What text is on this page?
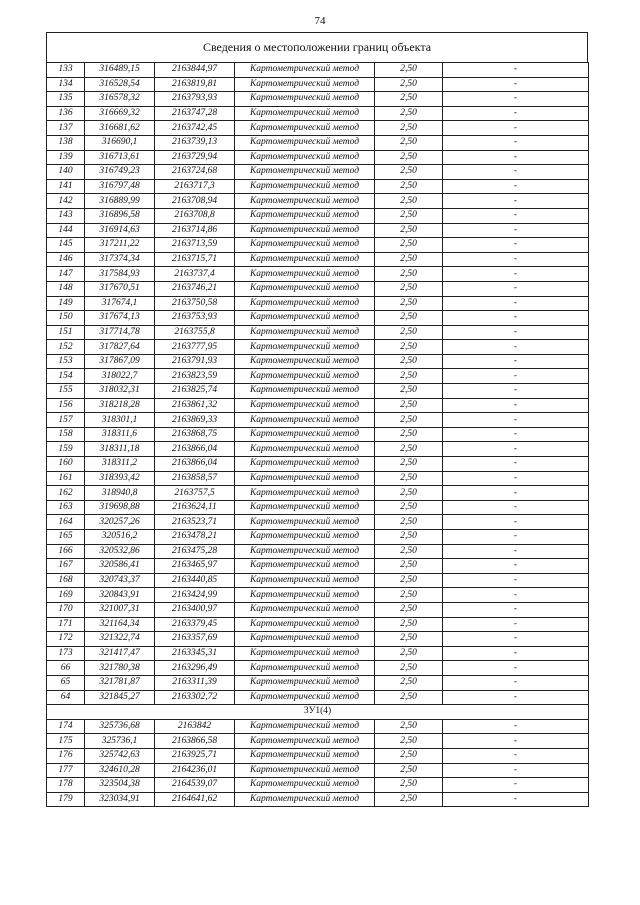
74
Сведения о местоположении границ объекта
133	316489,15	2163844,97	Картометрический метод	2,50	-
134	316528,54	2163819,81	Картометрический метод	2,50	-
135	316578,32	2163793,93	Картометрический метод	2,50	-
136	316669,32	2163747,28	Картометрический метод	2,50	-
137	316681,62	2163742,45	Картометрический метод	2,50	-
138	316690,1	2163739,13	Картометрический метод	2,50	-
139	316713,61	2163729,94	Картометрический метод	2,50	-
140	316749,23	2163724,68	Картометрический метод	2,50	-
141	316797,48	2163717,3	Картометрический метод	2,50	-
142	316889,99	2163708,94	Картометрический метод	2,50	-
143	316896,58	2163708,8	Картометрический метод	2,50	-
144	316914,63	2163714,86	Картометрический метод	2,50	-
145	317211,22	2163713,59	Картометрический метод	2,50	-
146	317374,34	2163715,71	Картометрический метод	2,50	-
147	317584,93	2163737,4	Картометрический метод	2,50	-
148	317670,51	2163746,21	Картометрический метод	2,50	-
149	317674,1	2163750,58	Картометрический метод	2,50	-
150	317674,13	2163753,93	Картометрический метод	2,50	-
151	317714,78	2163755,8	Картометрический метод	2,50	-
152	317827,64	2163777,95	Картометрический метод	2,50	-
153	317867,09	2163791,93	Картометрический метод	2,50	-
154	318022,7	2163823,59	Картометрический метод	2,50	-
155	318032,31	2163825,74	Картометрический метод	2,50	-
156	318218,28	2163861,32	Картометрический метод	2,50	-
157	318301,1	2163869,33	Картометрический метод	2,50	-
158	318311,6	2163868,75	Картометрический метод	2,50	-
159	318311,18	2163866,04	Картометрический метод	2,50	-
160	318311,2	2163866,04	Картометрический метод	2,50	-
161	318393,42	2163858,57	Картометрический метод	2,50	-
162	318940,8	2163757,5	Картометрический метод	2,50	-
163	319698,88	2163624,11	Картометрический метод	2,50	-
164	320257,26	2163523,71	Картометрический метод	2,50	-
165	320516,2	2163478,21	Картометрический метод	2,50	-
166	320532,86	2163475,28	Картометрический метод	2,50	-
167	320586,41	2163465,97	Картометрический метод	2,50	-
168	320743,37	2163440,85	Картометрический метод	2,50	-
169	320843,91	2163424,99	Картометрический метод	2,50	-
170	321007,31	2163400,97	Картометрический метод	2,50	-
171	321164,34	2163379,45	Картометрический метод	2,50	-
172	321322,74	2163357,69	Картометрический метод	2,50	-
173	321417,47	2163345,31	Картометрический метод	2,50	-
66	321780,38	2163296,49	Картометрический метод	2,50	-
65	321781,87	2163311,39	Картометрический метод	2,50	-
64	321845,27	2163302,72	Картометрический метод	2,50	-
3У1(4)					
174	325736,68	2163842	Картометрический метод	2,50	-
175	325736,1	2163866,58	Картометрический метод	2,50	-
176	325742,63	2163925,71	Картометрический метод	2,50	-
177	324610,28	2164236,01	Картометрический метод	2,50	-
178	323504,38	2164539,07	Картометрический метод	2,50	-
179	323034,91	2164641,62	Картометрический метод	2,50	-
